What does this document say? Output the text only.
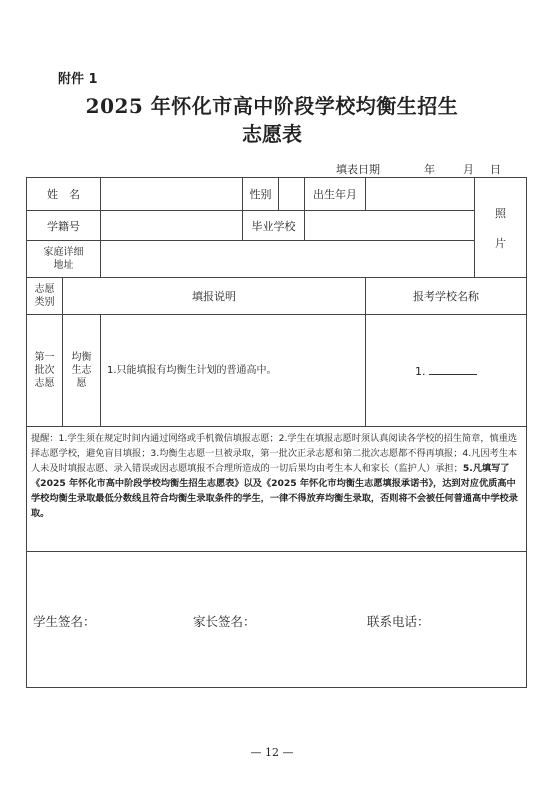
附件 1
2025 年怀化市高中阶段学校均衡生招生
志愿表
填表日期	年	月 日
姓　名			性别		出生年月		照
片

学籍号			毕业学校				

家庭详细地址							

志愿类别	填报说明					报考学校名称	

第一批次志愿	均衡生志愿	1.只能填报有均衡生计划的普通高中。				1.	
提醒：1.学生须在规定时间内通过网络或手机微信填报志愿；2.学生在填报志愿时须认真阅读各学校的招生简章，慎重选择志愿学校，避免盲目填报；3.均衡生志愿一旦被录取，第一批次正录志愿和第二批次志愿都不得再填报；4.凡因考生本人未及时填报志愿、录入错误或因志愿填报不合理所造成的一切后果均由考生本人和家长（监护人）承担；5.凡填写了《2025 年怀化市高中阶段学校均衡生招生志愿表》以及《2025 年怀化市均衡生志愿填报承诺书》，达到对应优质高中学校均衡生录取最低分数线且符合均衡生录取条件的学生，一律不得放弃均衡生录取，否则将不会被任何普通高中学校录取。							

学生签名： 家长签名： 联系电话：							
— 12 —
